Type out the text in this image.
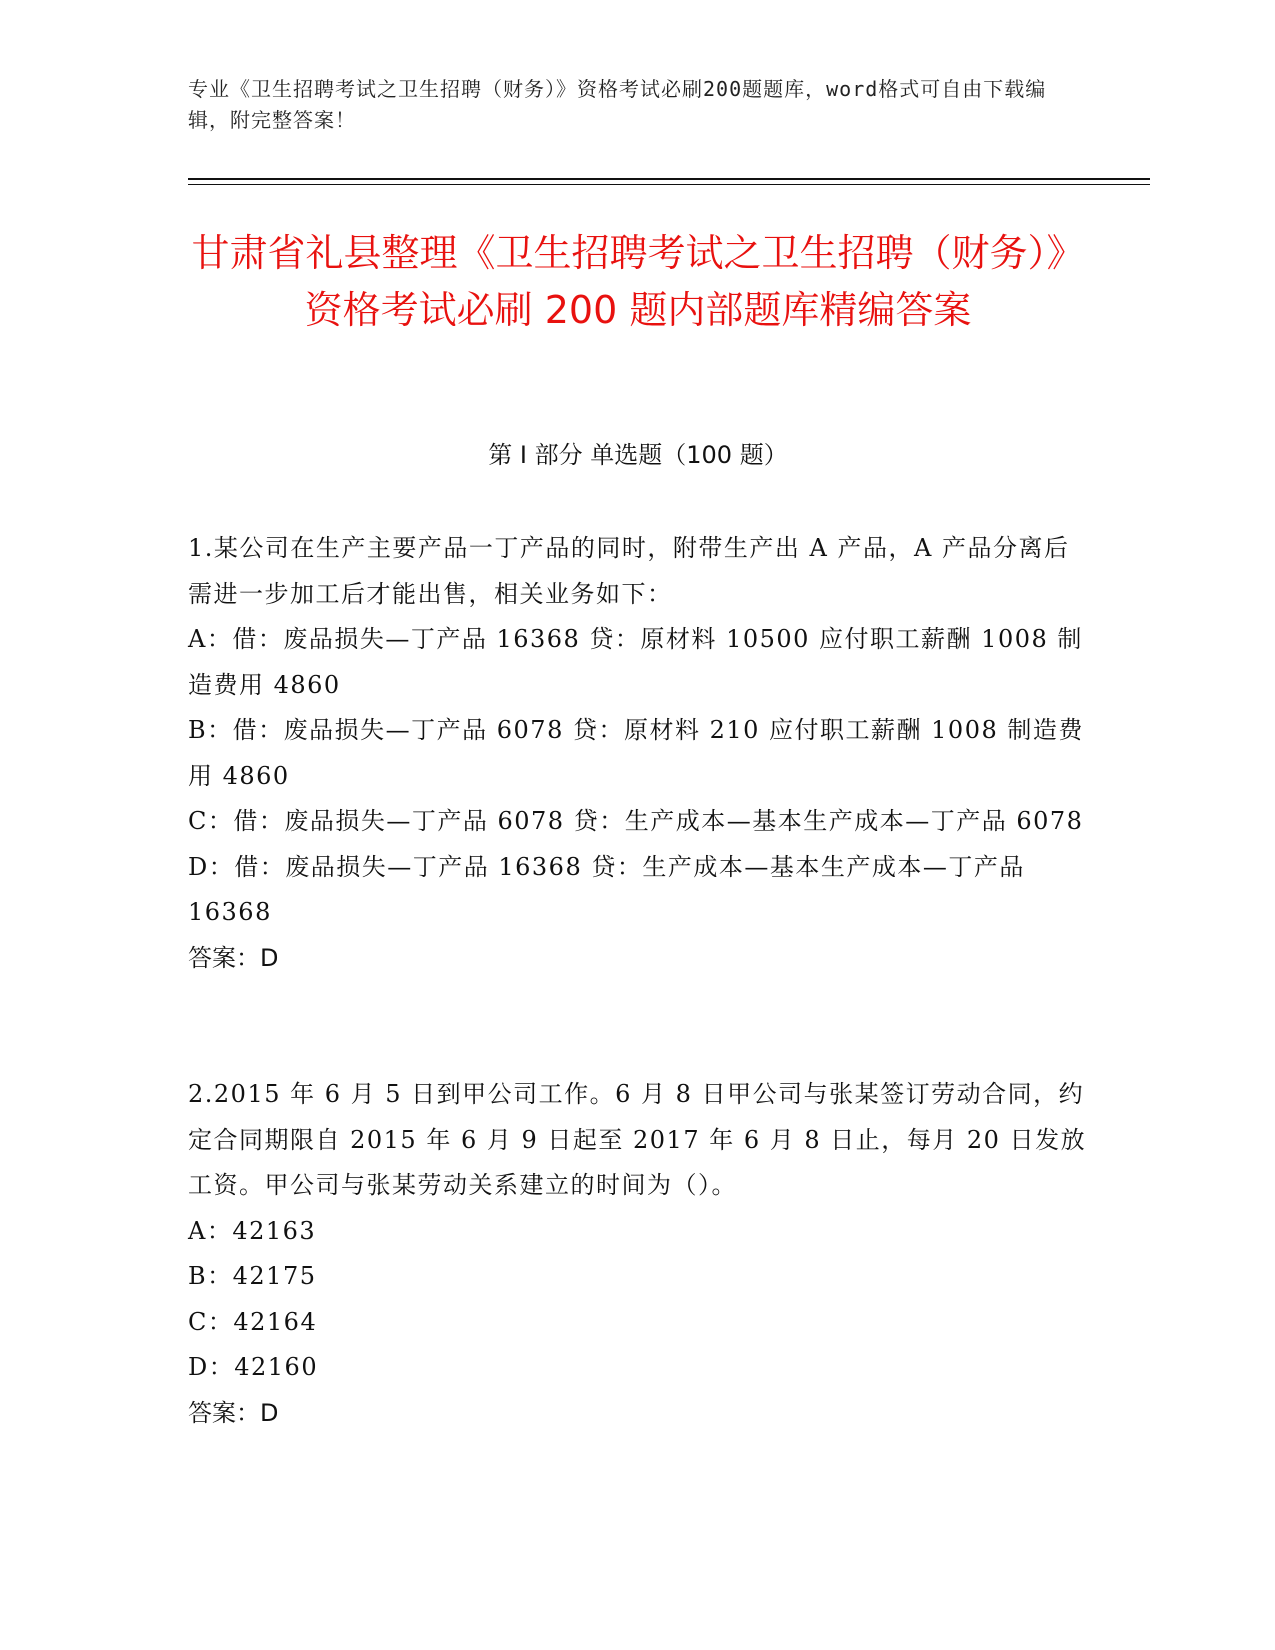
专业《卫生招聘考试之卫生招聘（财务）》资格考试必刷200题题库，word格式可自由下载编辑，附完整答案！
甘肃省礼县整理《卫生招聘考试之卫生招聘（财务）》资格考试必刷 200 题内部题库精编答案
第 I 部分 单选题（100 题）

1.某公司在生产主要产品一丁产品的同时，附带生产出 A 产品，A 产品分离后需进一步加工后才能出售，相关业务如下：

A：借：废品损失—丁产品 16368 贷：原材料 10500 应付职工薪酬 1008 制造费用 4860

B：借：废品损失—丁产品 6078 贷：原材料 210 应付职工薪酬 1008 制造费用 4860

C：借：废品损失—丁产品 6078 贷：生产成本—基本生产成本—丁产品 6078

D：借：废品损失—丁产品 16368 贷：生产成本—基本生产成本—丁产品 16368

答案：D

2.2015 年 6 月 5 日到甲公司工作。6 月 8 日甲公司与张某签订劳动合同，约定合同期限自 2015 年 6 月 9 日起至 2017 年 6 月 8 日止，每月 20 日发放工资。甲公司与张某劳动关系建立的时间为（）。

A：42163

B：42175

C：42164

D：42160

答案：D
